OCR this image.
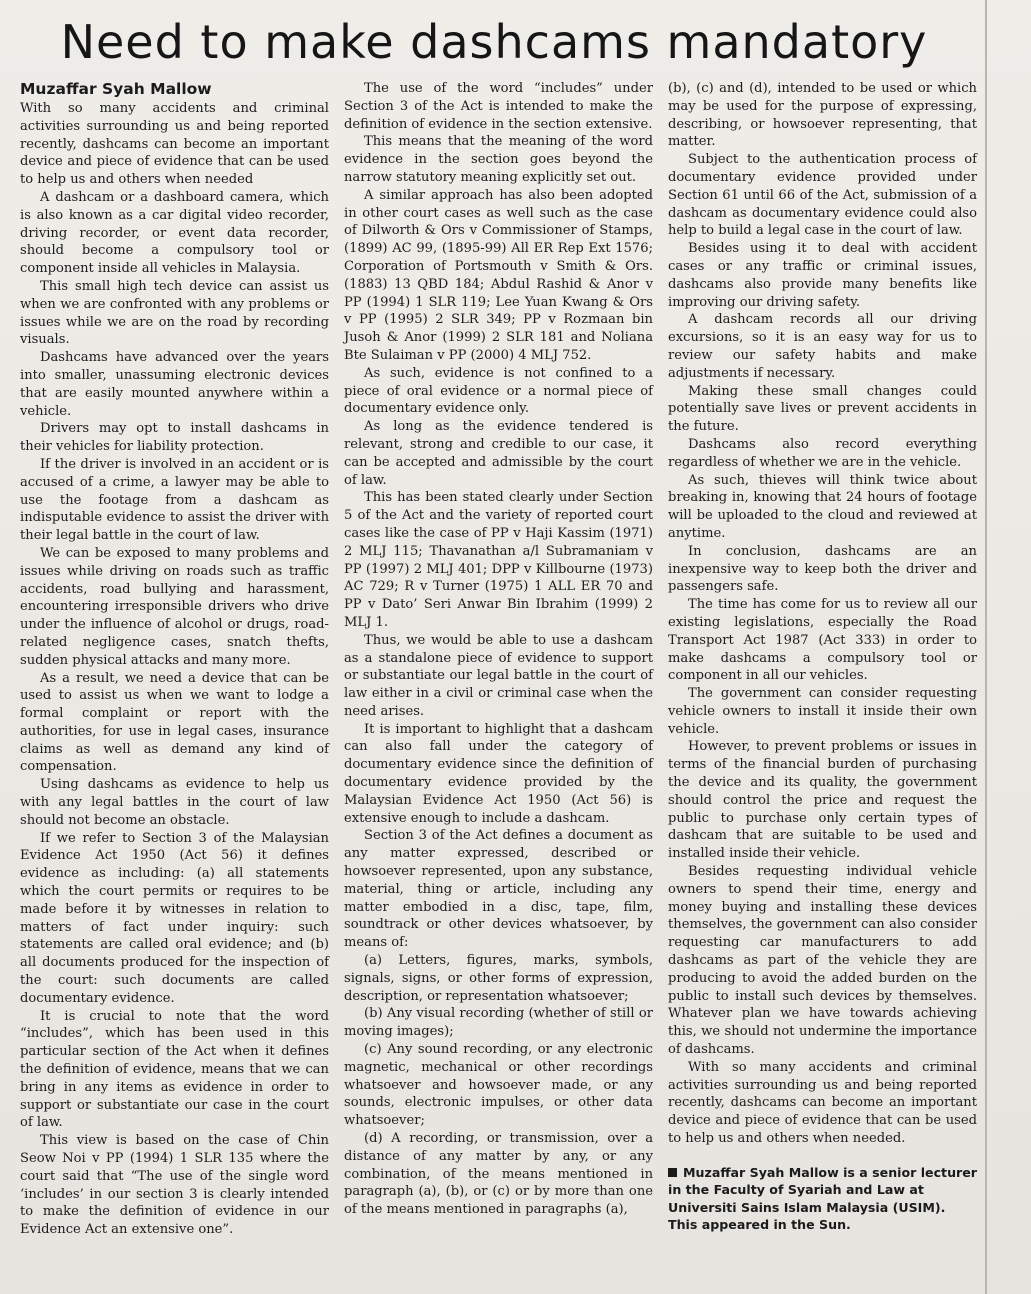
Need to make dashcams mandatory
Muzaffar Syah Mallow

With so many accidents and criminal activities surrounding us and being reported recently, dashcams can become an important device and piece of evidence that can be used to help us and others when needed

A dashcam or a dashboard camera, which is also known as a car digital video recorder, driving recorder, or event data recorder, should become a compulsory tool or component inside all vehicles in Malaysia.

This small high tech device can assist us when we are confronted with any problems or issues while we are on the road by recording visuals.

Dashcams have advanced over the years into smaller, unassuming electronic devices that are easily mounted anywhere within a vehicle.

Drivers may opt to install dashcams in their vehicles for liability protection.

If the driver is involved in an accident or is accused of a crime, a lawyer may be able to use the footage from a dashcam as indisputable evidence to assist the driver with their legal battle in the court of law.

We can be exposed to many problems and issues while driving on roads such as traffic accidents, road bullying and harassment, encountering irresponsible drivers who drive under the influence of alcohol or drugs, road-related negligence cases, snatch thefts, sudden physical attacks and many more.

As a result, we need a device that can be used to assist us when we want to lodge a formal complaint or report with the authorities, for use in legal cases, insurance claims as well as demand any kind of compensation.

Using dashcams as evidence to help us with any legal battles in the court of law should not become an obstacle.

If we refer to Section 3 of the Malaysian Evidence Act 1950 (Act 56) it defines evidence as including: (a) all statements which the court permits or requires to be made before it by witnesses in relation to matters of fact under inquiry: such statements are called oral evidence; and (b) all documents produced for the inspection of the court: such documents are called documentary evidence.

It is crucial to note that the word “includes”, which has been used in this particular section of the Act when it defines the definition of evidence, means that we can bring in any items as evidence in order to support or substantiate our case in the court of law.

This view is based on the case of Chin Seow Noi v PP (1994) 1 SLR 135 where the court said that “The use of the single word ‘includes’ in our section 3 is clearly intended to make the definition of evidence in our Evidence Act an extensive one”.

The use of the word “includes” under Section 3 of the Act is intended to make the definition of evidence in the section extensive.

This means that the meaning of the word evidence in the section goes beyond the narrow statutory meaning explicitly set out.

A similar approach has also been adopted in other court cases as well such as the case of Dilworth & Ors v Commissioner of Stamps, (1899) AC 99, (1895-99) All ER Rep Ext 1576; Corporation of Portsmouth v Smith & Ors. (1883) 13 QBD 184; Abdul Rashid & Anor v PP (1994) 1 SLR 119; Lee Yuan Kwang & Ors v PP (1995) 2 SLR 349; PP v Rozmaan bin Jusoh & Anor (1999) 2 SLR 181 and Noliana Bte Sulaiman v PP (2000) 4 MLJ 752.

As such, evidence is not confined to a piece of oral evidence or a normal piece of documentary evidence only.

As long as the evidence tendered is relevant, strong and credible to our case, it can be accepted and admissible by the court of law.

This has been stated clearly under Section 5 of the Act and the variety of reported court cases like the case of PP v Haji Kassim (1971) 2 MLJ 115; Thavanathan a/l Subramaniam v PP (1997) 2 MLJ 401; DPP v Killbourne (1973) AC 729; R v Turner (1975) 1 ALL ER 70 and PP v Dato’ Seri Anwar Bin Ibrahim (1999) 2 MLJ 1.

Thus, we would be able to use a dashcam as a standalone piece of evidence to support or substantiate our legal battle in the court of law either in a civil or criminal case when the need arises.

It is important to highlight that a dashcam can also fall under the category of documentary evidence since the definition of documentary evidence provided by the Malaysian Evidence Act 1950 (Act 56) is extensive enough to include a dashcam.

Section 3 of the Act defines a document as any matter expressed, described or howsoever represented, upon any substance, material, thing or article, including any matter embodied in a disc, tape, film, soundtrack or other devices whatsoever, by means of:

(a) Letters, figures, marks, symbols, signals, signs, or other forms of expression, description, or representation whatsoever;

(b) Any visual recording (whether of still or moving images);

(c) Any sound recording, or any electronic magnetic, mechanical or other recordings whatsoever and howsoever made, or any sounds, electronic impulses, or other data whatsoever;

(d) A recording, or transmission, over a distance of any matter by any, or any combination, of the means mentioned in paragraph (a), (b), or (c) or by more than one of the means mentioned in paragraphs (a),

(b), (c) and (d), intended to be used or which may be used for the purpose of expressing, describing, or howsoever representing, that matter.

Subject to the authentication process of documentary evidence provided under Section 61 until 66 of the Act, submission of a dashcam as documentary evidence could also help to build a legal case in the court of law.

Besides using it to deal with accident cases or any traffic or criminal issues, dashcams also provide many benefits like improving our driving safety.

A dashcam records all our driving excursions, so it is an easy way for us to review our safety habits and make adjustments if necessary.

Making these small changes could potentially save lives or prevent accidents in the future.

Dashcams also record everything regardless of whether we are in the vehicle.

As such, thieves will think twice about breaking in, knowing that 24 hours of footage will be uploaded to the cloud and reviewed at anytime.

In conclusion, dashcams are an inexpensive way to keep both the driver and passengers safe.

The time has come for us to review all our existing legislations, especially the Road Transport Act 1987 (Act 333) in order to make dashcams a compulsory tool or component in all our vehicles.

The government can consider requesting vehicle owners to install it inside their own vehicle.

However, to prevent problems or issues in terms of the financial burden of purchasing the device and its quality, the government should control the price and request the public to purchase only certain types of dashcam that are suitable to be used and installed inside their vehicle.

Besides requesting individual vehicle owners to spend their time, energy and money buying and installing these devices themselves, the government can also consider requesting car manufacturers to add dashcams as part of the vehicle they are producing to avoid the added burden on the public to install such devices by themselves. Whatever plan we have towards achieving this, we should not undermine the importance of dashcams.

With so many accidents and criminal activities surrounding us and being reported recently, dashcams can become an important device and piece of evidence that can be used to help us and others when needed.

Muzaffar Syah Mallow is a senior lecturer in the Faculty of Syariah and Law at Universiti Sains Islam Malaysia (USIM). This appeared in the Sun.
